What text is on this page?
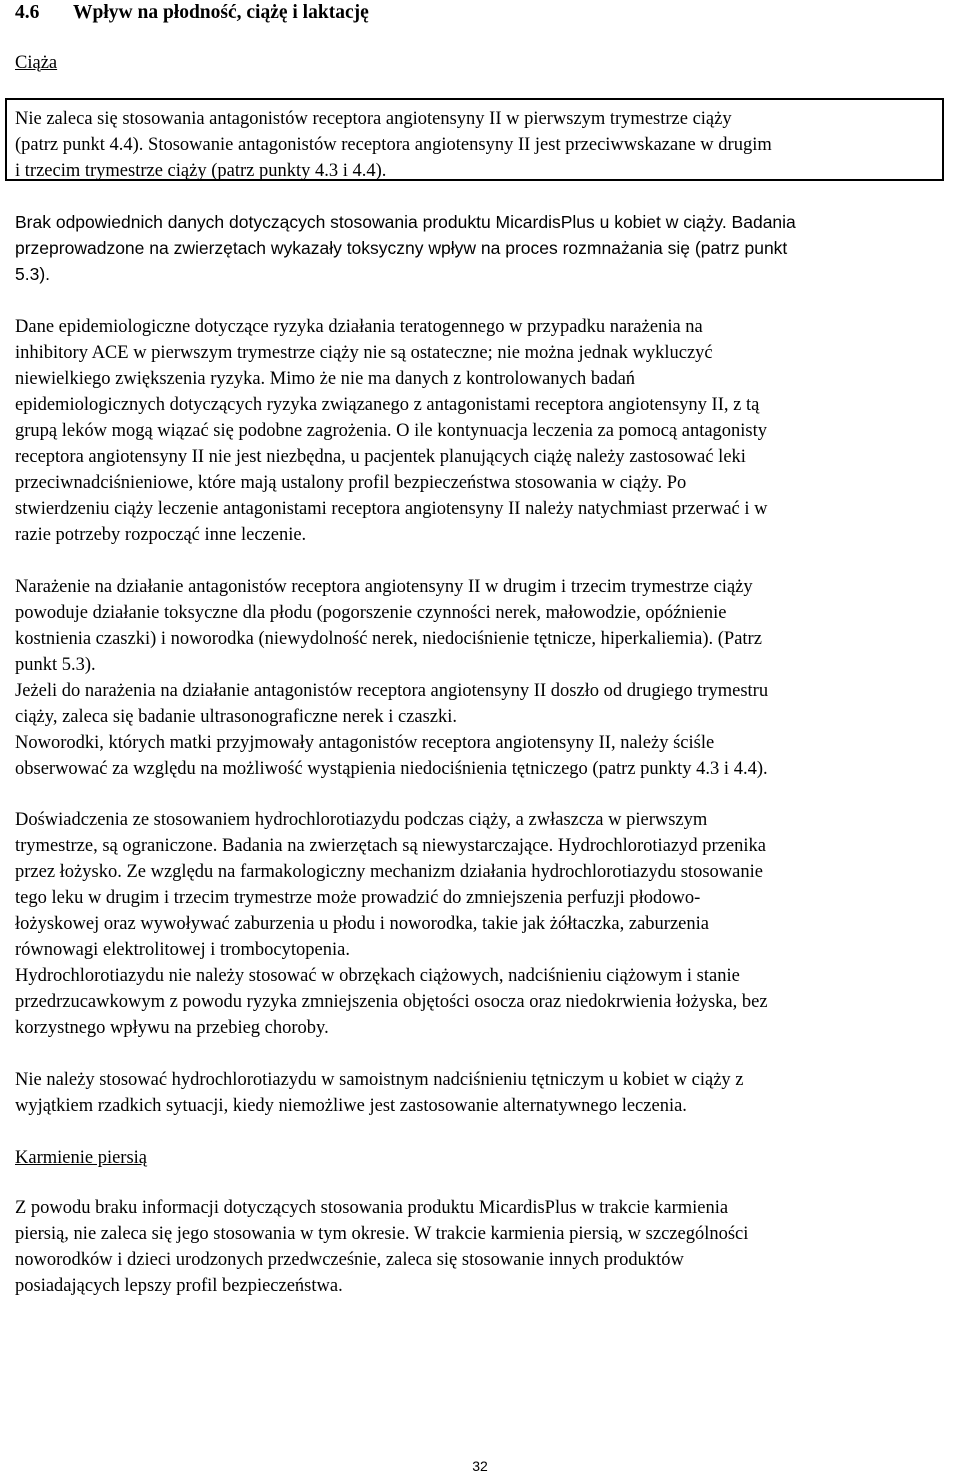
4.6 Wpływ na płodność, ciążę i laktację

Ciąża

Nie zaleca się stosowania antagonistów receptora angiotensyny II w pierwszym trymestrze ciąży
(patrz punkt 4.4). Stosowanie antagonistów receptora angiotensyny II jest przeciwwskazane w drugim
i trzecim trymestrze ciąży (patrz punkty 4.3 i 4.4).

Brak odpowiednich danych dotyczących stosowania produktu MicardisPlus u kobiet w ciąży. Badania
przeprowadzone na zwierzętach wykazały toksyczny wpływ na proces rozmnażania się (patrz punkt
5.3).

Dane epidemiologiczne dotyczące ryzyka działania teratogennego w przypadku narażenia na
inhibitory ACE w pierwszym trymestrze ciąży nie są ostateczne; nie można jednak wykluczyć
niewielkiego zwiększenia ryzyka. Mimo że nie ma danych z kontrolowanych badań
epidemiologicznych dotyczących ryzyka związanego z antagonistami receptora angiotensyny II, z tą
grupą leków mogą wiązać się podobne zagrożenia. O ile kontynuacja leczenia za pomocą antagonisty
receptora angiotensyny II nie jest niezbędna, u pacjentek planujących ciążę należy zastosować leki
przeciwnadciśnieniowe, które mają ustalony profil bezpieczeństwa stosowania w ciąży. Po
stwierdzeniu ciąży leczenie antagonistami receptora angiotensyny II należy natychmiast przerwać i w
razie potrzeby rozpocząć inne leczenie.

Narażenie na działanie antagonistów receptora angiotensyny II w drugim i trzecim trymestrze ciąży
powoduje działanie toksyczne dla płodu (pogorszenie czynności nerek, małowodzie, opóźnienie
kostnienia czaszki) i noworodka (niewydolność nerek, niedociśnienie tętnicze, hiperkaliemia). (Patrz
punkt 5.3).
Jeżeli do narażenia na działanie antagonistów receptora angiotensyny II doszło od drugiego trymestru
ciąży, zaleca się badanie ultrasonograficzne nerek i czaszki.
Noworodki, których matki przyjmowały antagonistów receptora angiotensyny II, należy ściśle
obserwować za względu na możliwość wystąpienia niedociśnienia tętniczego (patrz punkty 4.3 i 4.4).

Doświadczenia ze stosowaniem hydrochlorotiazydu podczas ciąży, a zwłaszcza w pierwszym
trymestrze, są ograniczone. Badania na zwierzętach są niewystarczające. Hydrochlorotiazyd przenika
przez łożysko. Ze względu na farmakologiczny mechanizm działania hydrochlorotiazydu stosowanie
tego leku w drugim i trzecim trymestrze może prowadzić do zmniejszenia perfuzji płodowo-
łożyskowej oraz wywoływać zaburzenia u płodu i noworodka, takie jak żółtaczka, zaburzenia
równowagi elektrolitowej i trombocytopenia.
Hydrochlorotiazydu nie należy stosować w obrzękach ciążowych, nadciśnieniu ciążowym i stanie
przedrzucawkowym z powodu ryzyka zmniejszenia objętości osocza oraz niedokrwienia łożyska, bez
korzystnego wpływu na przebieg choroby.

Nie należy stosować hydrochlorotiazydu w samoistnym nadciśnieniu tętniczym u kobiet w ciąży z
wyjątkiem rzadkich sytuacji, kiedy niemożliwe jest zastosowanie alternatywnego leczenia.

Karmienie piersią

Z powodu braku informacji dotyczących stosowania produktu MicardisPlus w trakcie karmienia
piersią, nie zaleca się jego stosowania w tym okresie. W trakcie karmienia piersią, w szczególności
noworodków i dzieci urodzonych przedwcześnie, zaleca się stosowanie innych produktów
posiadających lepszy profil bezpieczeństwa.

32
